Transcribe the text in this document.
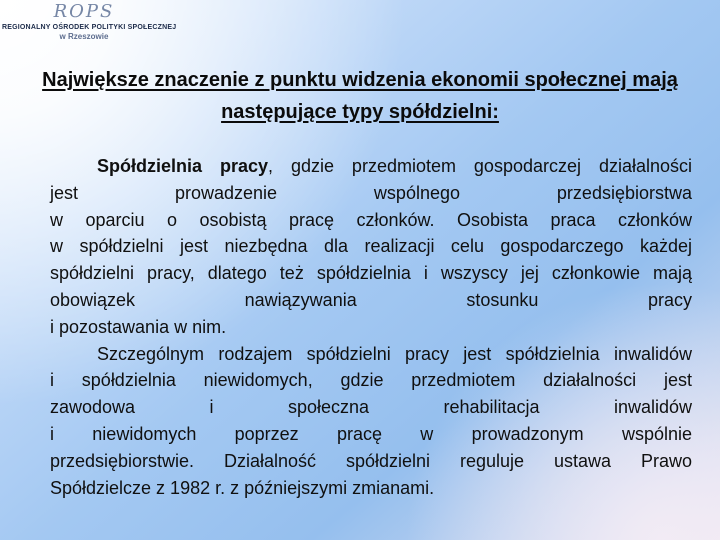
ROPS
REGIONALNY OŚRODEK POLITYKI SPOŁECZNEJ
w Rzeszowie
Największe znaczenie z punktu widzenia ekonomii społecznej mają
następujące typy spółdzielni:
Spółdzielnia pracy, gdzie przedmiotem gospodarczej działalności
jest prowadzenie wspólnego przedsiębiorstwa
w oparciu o osobistą pracę członków. Osobista praca członków
w spółdzielni jest niezbędna dla realizacji celu gospodarczego każdej
spółdzielni pracy, dlatego też spółdzielnia i wszyscy jej członkowie mają
obowiązek nawiązywania stosunku pracy
i pozostawania w nim.
Szczególnym rodzajem spółdzielni pracy jest spółdzielnia inwalidów
i spółdzielnia niewidomych, gdzie przedmiotem działalności jest
zawodowa i społeczna rehabilitacja inwalidów
i niewidomych poprzez pracę w prowadzonym wspólnie
przedsiębiorstwie. Działalność spółdzielni reguluje ustawa Prawo
Spółdzielcze z 1982 r. z późniejszymi zmianami.
